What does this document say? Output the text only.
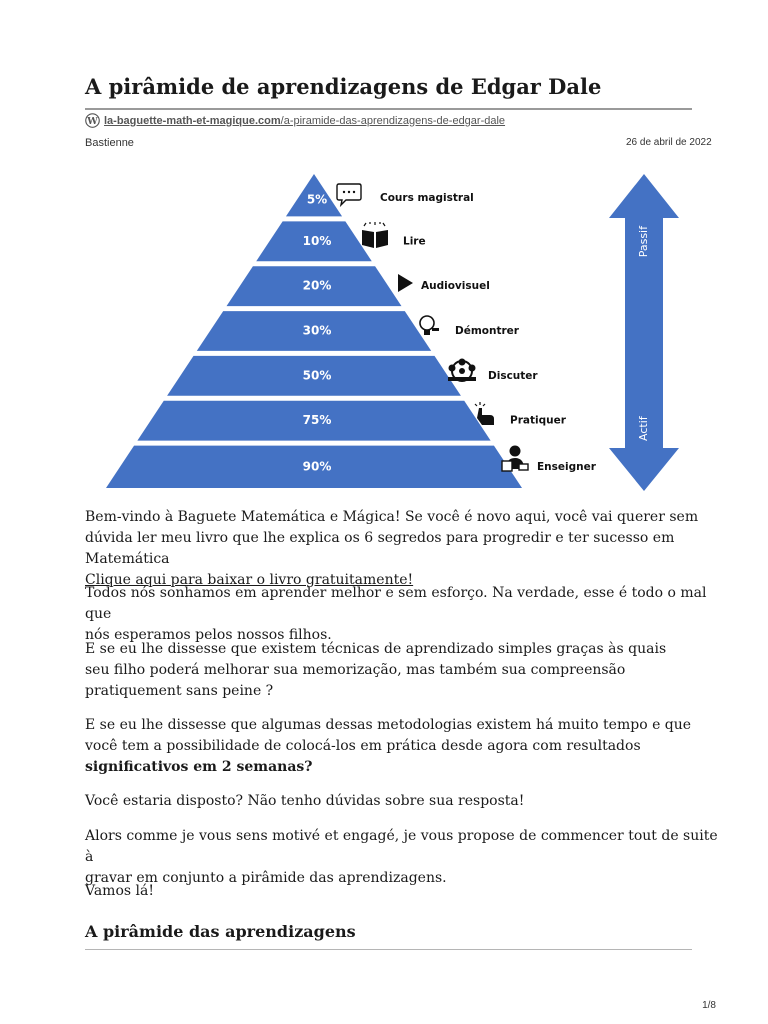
A pirâmide de aprendizagens de Edgar Dale
W la-baguette-math-et-magique.com/a-piramide-das-aprendizagens-de-edgar-dale
Bastienne	26 de abril de 2022
5%
10%
20%
30%
50%
75%
90%
Cours magistral
Lire
Audiovisuel
Démontrer
Discuter
Pratiquer
Enseigner
Passif
Actif

Bem-vindo à Baguete Matemática e Mágica! Se você é novo aqui, você vai querer sem

dúvida ler meu livro que lhe explica os 6 segredos para progredir e ter sucesso em Matemática

Clique aqui para baixar o livro gratuitamente!

Todos nós sonhamos em aprender melhor e sem esforço. Na verdade, esse é todo o mal que

nós esperamos pelos nossos filhos.

E se eu lhe dissesse que existem técnicas de aprendizado simples graças às quais

seu filho poderá melhorar sua memorização, mas também sua compreensão

pratiquement sans peine ?

E se eu lhe dissesse que algumas dessas metodologias existem há muito tempo e que

você tem a possibilidade de colocá-los em prática desde agora com resultados

significativos em 2 semanas?

Você estaria disposto? Não tenho dúvidas sobre sua resposta!

Alors comme je vous sens motivé et engagé, je vous propose de commencer tout de suite à

gravar em conjunto a pirâmide das aprendizagens.

Vamos lá!

A pirâmide das aprendizagens
1/8
